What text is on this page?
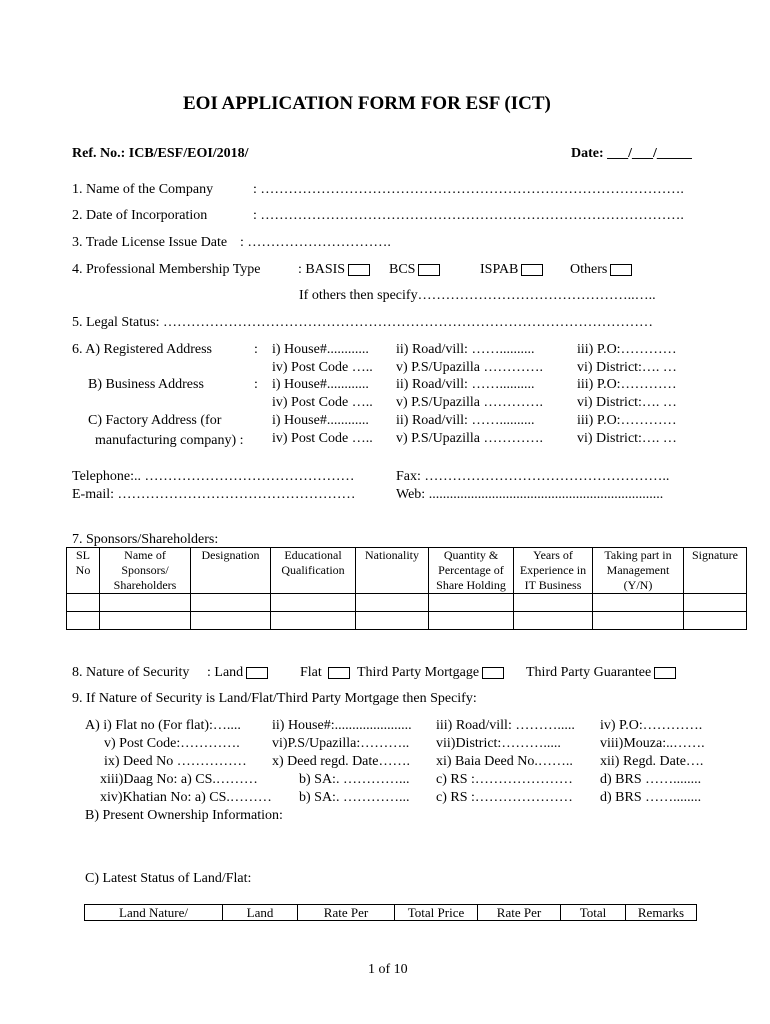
EOI APPLICATION FORM FOR ESF (ICT)
Ref. No.: ICB/ESF/EOI/2018/	Date: ___/___/_____
1. Name of the Company	: ……………………………………………………………………………….
2. Date of Incorporation	: ……………………………………………………………………………….
3. Trade License Issue Date : ………………………….
4. Professional Membership Type	: BASIS	BCS	ISPAB	Others
If others then specify………………………………………..…..
5. Legal Status: ……………………………………………………………………………………………
6. A) Registered Address	: i) House#............ ii) Road/vill: ……..........	iii) P.O:…………
iv) Post Code ….. v) P.S/Upazilla …………. vi) District:…. …
B) Business Address	: i) House#............ ii) Road/vill: ……..........	iii) P.O:…………
iv) Post Code ….. v) P.S/Upazilla …………. vi) District:…. …
C) Factory Address (for
manufacturing company) :
i) House#............ ii) Road/vill: ……..........	iii) P.O:…………
iv) Post Code ….. v) P.S/Upazilla …………. vi) District:…. …
Telephone:.. ………………………………………	Fax: ……………………………………………..
E-mail: ……………………………………………	Web: ...................................................................
7. Sponsors/Shareholders:
SL No	Name of Sponsors/ Shareholders	Designation	Educational Qualification	Nationality	Quantity & Percentage of Share Holding	Years of Experience in IT Business	Taking part in Management (Y/N)	Signature

8. Nature of Security : Land	Flat	Third Party Mortgage	Third Party Guarantee
9. If Nature of Security is Land/Flat/Third Party Mortgage then Specify:
A) i) Flat no (For flat):….... ii) House#:...................... iii) Road/vill: ………..... iv) P.O:………….
v) Post Code:…………. vi)P.S/Upazilla:……….. vii)District:……….....	viii)Mouza:..…….
ix) Deed No …………… x) Deed regd. Date……. xi) Baia Deed No.…….. xii) Regd. Date….
xiii)Daag No: a) CS.………	b) SA:. …………... c) RS :………………… d) BRS ……........
xiv)Khatian No: a) CS.……… b) SA:. …………... c) RS :………………… d) BRS ……........
B) Present Ownership Information:
C) Latest Status of Land/Flat:
Land Nature/	Land	Rate Per	Total Price	Rate Per	Total	Remarks
1 of 10
